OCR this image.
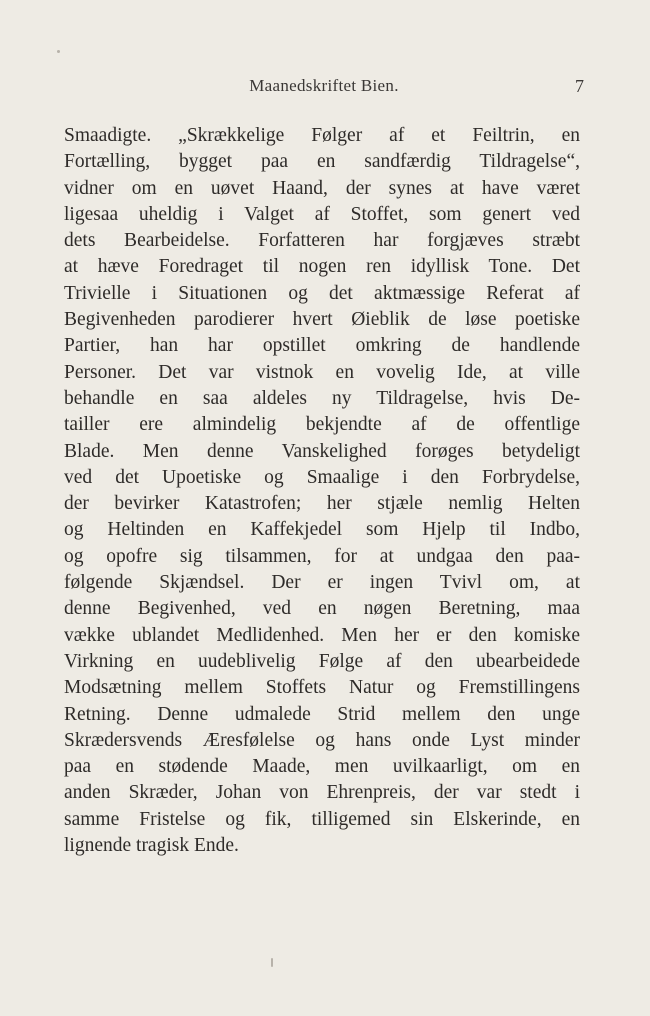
Maanedskriftet Bien.	7
Smaadigte. „Skrækkelige Følger af et Feiltrin, en
Fortælling, bygget paa en sandfærdig Tildragelse“,
vidner om en uøvet Haand, der synes at have været
ligesaa uheldig i Valget af Stoffet, som genert ved
dets Bearbeidelse. Forfatteren har forgjæves stræbt
at hæve Foredraget til nogen ren idyllisk Tone. Det
Trivielle i Situationen og det aktmæssige Referat af
Begivenheden parodierer hvert Øieblik de løse poetiske
Partier, han har opstillet omkring de handlende
Personer. Det var vistnok en vovelig Ide, at ville
behandle en saa aldeles ny Tildragelse, hvis De-
tailler ere almindelig bekjendte af de offentlige
Blade. Men denne Vanskelighed forøges betydeligt
ved det Upoetiske og Smaalige i den Forbrydelse,
der bevirker Katastrofen; her stjæle nemlig Helten
og Heltinden en Kaffekjedel som Hjelp til Indbo,
og opofre sig tilsammen, for at undgaa den paa-
følgende Skjændsel. Der er ingen Tvivl om, at
denne Begivenhed, ved en nøgen Beretning, maa
vække ublandet Medlidenhed. Men her er den komiske
Virkning en uudeblivelig Følge af den ubearbeidede
Modsætning mellem Stoffets Natur og Fremstillingens
Retning. Denne udmalede Strid mellem den unge
Skrædersvends Æresfølelse og hans onde Lyst minder
paa en stødende Maade, men uvilkaarligt, om en
anden Skræder, Johan von Ehrenpreis, der var stedt i
samme Fristelse og fik, tilligemed sin Elskerinde, en
lignende tragisk Ende.
